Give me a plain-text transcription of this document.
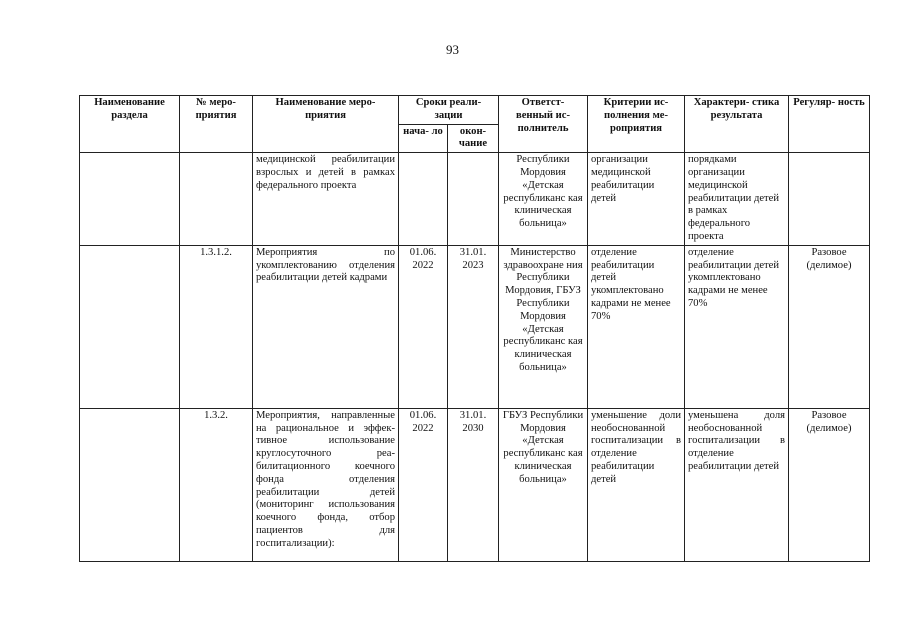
93
Наименование раздела	№ меро- приятия	Наименование меро- приятия	Сроки реали- зации		Ответст- венный ис- полнитель	Критерии ис- полнения ме- роприятия	Характери- стика результата	Регуляр- ность
			нача- ло	окон- чание				
		медицинской реабилитации взрослых и детей в рамках федерального проекта			Республики Мордовия «Детская республиканс кая клиническая больница»	организации медицинской реабилитации детей	порядками организации медицинской реабилитации детей в рамках федерального проекта	
	1.3.1.2.	Мероприятия по укомплектованию отделения реабилитации детей кадрами	01.06. 2022	31.01. 2023	Министерство здравоохране ния Республики Мордовия, ГБУЗ Республики Мордовия «Детская республиканс кая клиническая больница»	отделение реабилитации детей укомплектовано кадрами не менее 70%	отделение реабилитации детей укомплектовано кадрами не менее 70%	Разовое (делимое)
	1.3.2.	Мероприятия, направленные на рациональное и эффек- тивное использование круглосуточного рea- билитационного коечного фонда отделения реабилитации детей (мониторинг использования коечного фонда, отбор пациентов для госпитализации):	01.06. 2022	31.01. 2030	ГБУЗ Республики Мордовия «Детская республиканс кая клиническая больница»	уменьшение доли необоснованной госпитализации в отделение реабилитации детей	уменьшена доля необоснованной госпитализации в отделение реабилитации детей	Разовое (делимое)
